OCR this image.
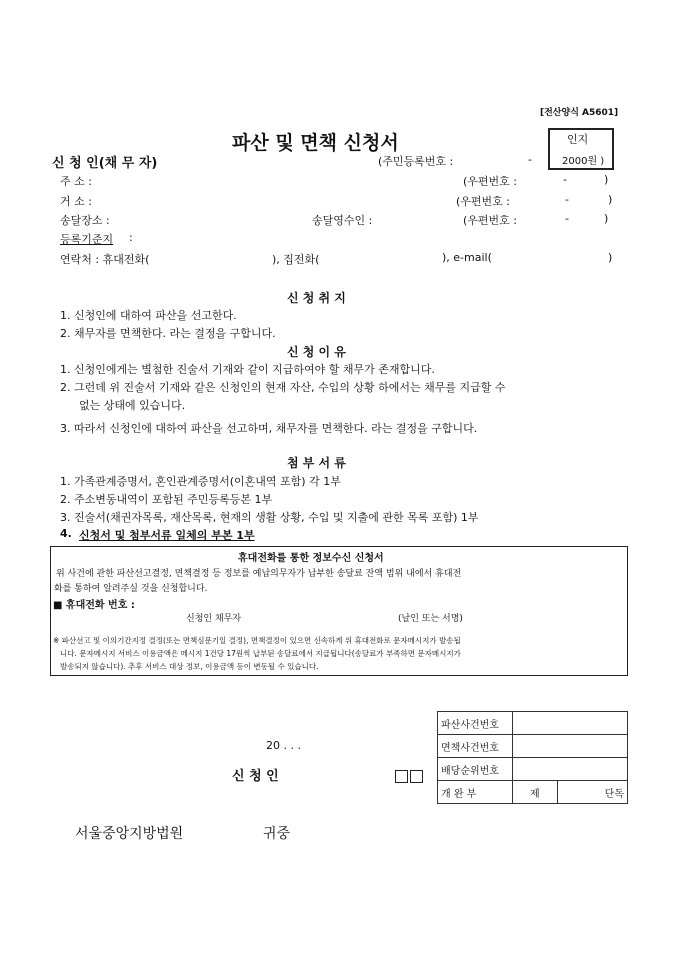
[전산양식 A5601]
파산 및 면책 신청서	인지
2000원 )
신 청 인(채 무 자)	(주민등록번호 :	-
주 소 :	(우편번호 :	-	)
거 소 :	(우편번호 :	-	)
송달장소 :	송달영수인 :	(우편번호 :	-	)
등록기준지 :
연락처 : 휴대전화(	), 집전화(	), e-mail(	)
신 청 취 지
1. 신청인에 대하여 파산을 선고한다.
2. 채무자를 면책한다. 라는 결정을 구합니다.
신 청 이 유
1. 신청인에게는 별첨한 진술서 기재와 같이 지급하여야 할 채무가 존재합니다.
2. 그런데 위 진술서 기재와 같은 신청인의 현재 자산, 수입의 상황 하에서는 채무를 지급할 수
없는 상태에 있습니다.
3. 따라서 신청인에 대하여 파산을 선고하며, 채무자를 면책한다. 라는 결정을 구합니다.
첨 부 서 류
1. 가족관계증명서, 혼인관계증명서(이혼내역 포함) 각 1부
2. 주소변동내역이 포함된 주민등록등본 1부
3. 진술서(채권자목록, 재산목록, 현재의 생활 상황, 수입 및 지출에 관한 목록 포함) 1부
4. 신청서 및 첨부서류 일체의 부본 1부
휴대전화를 통한 정보수신 신청서
위 사건에 관한 파산선고결정, 면책결정 등 정보를 예납의무자가 납부한 송달료 잔액 범위 내에서 휴대전
화를 통하여 알려주실 것을 신청합니다.
■ 휴대전화 번호 :
신청인 채무자	(날인 또는 서명)
※ 파산선고 및 이의기간지정 결정(또는 면책심문기일 결정), 면책결정이 있으면 신속하게 위 휴대전화로 문자메시지가 발송됩
니다. 문자메시지 서비스 이용금액은 메시지 1건당 17원씩 납부된 송달료에서 지급됩니다(송달료가 부족하면 문자메시지가
발송되지 않습니다). 추후 서비스 대상 정보, 이용금액 등이 변동될 수 있습니다.
20 . . .
신 청 인
파산사건번호		
면책사건번호		
배당순위번호		
개 완 부	제	단독
서울중앙지방법원	귀중
